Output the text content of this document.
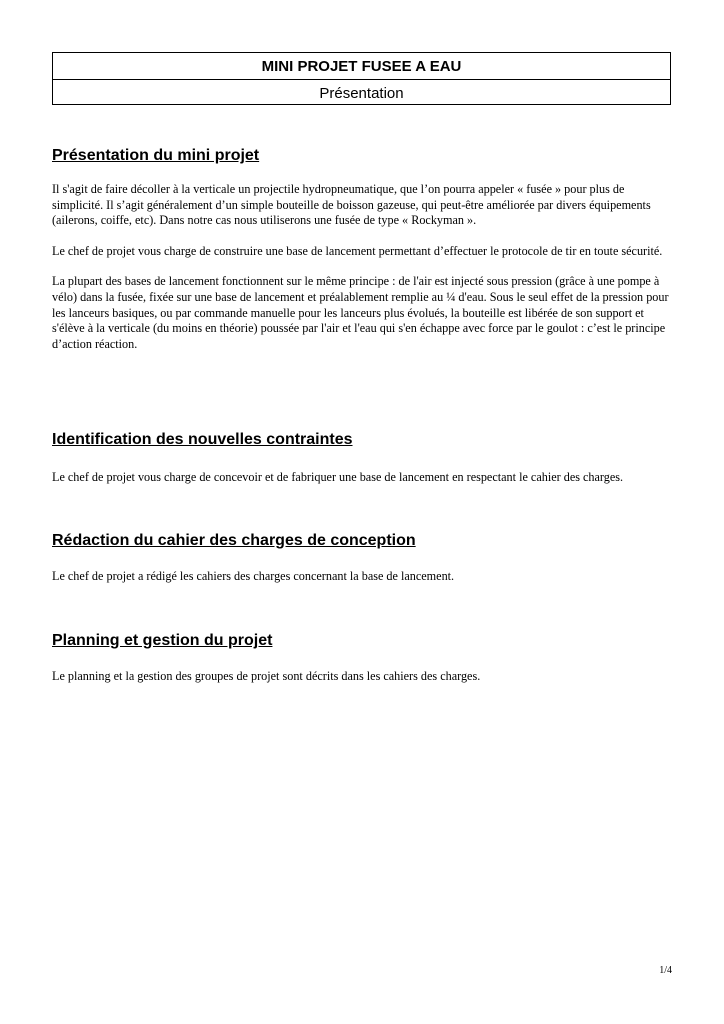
MINI PROJET FUSEE A EAU
Présentation
Présentation du mini projet

Il s'agit de faire décoller à la verticale un projectile hydropneumatique, que l’on pourra appeler « fusée » pour plus de simplicité. Il s’agit généralement d’un simple bouteille de boisson gazeuse, qui peut-être améliorée par divers équipements (ailerons, coiffe, etc). Dans notre cas nous utiliserons une fusée de type « Rockyman ».

Le chef de projet vous charge de construire une base de lancement permettant d’effectuer le protocole de tir en toute sécurité.

La plupart des bases de lancement fonctionnent sur le même principe : de l'air est injecté sous pression (grâce à une pompe à vélo) dans la fusée, fixée sur une base de lancement et préalablement remplie au ¼ d'eau. Sous le seul effet de la pression pour les lanceurs basiques, ou par commande manuelle pour les lanceurs plus évolués, la bouteille est libérée de son support et s'élève à la verticale (du moins en théorie) poussée par l'air et l'eau qui s'en échappe avec force par le goulot : c’est le principe d’action réaction.

Identification des nouvelles contraintes

Le chef de projet vous charge de concevoir et de fabriquer une base de lancement en respectant le cahier des charges.

Rédaction du cahier des charges de conception

Le chef de projet a rédigé les cahiers des charges concernant la base de lancement.

Planning et gestion du projet

Le planning et la gestion des groupes de projet sont décrits dans les cahiers des charges.

1/4
